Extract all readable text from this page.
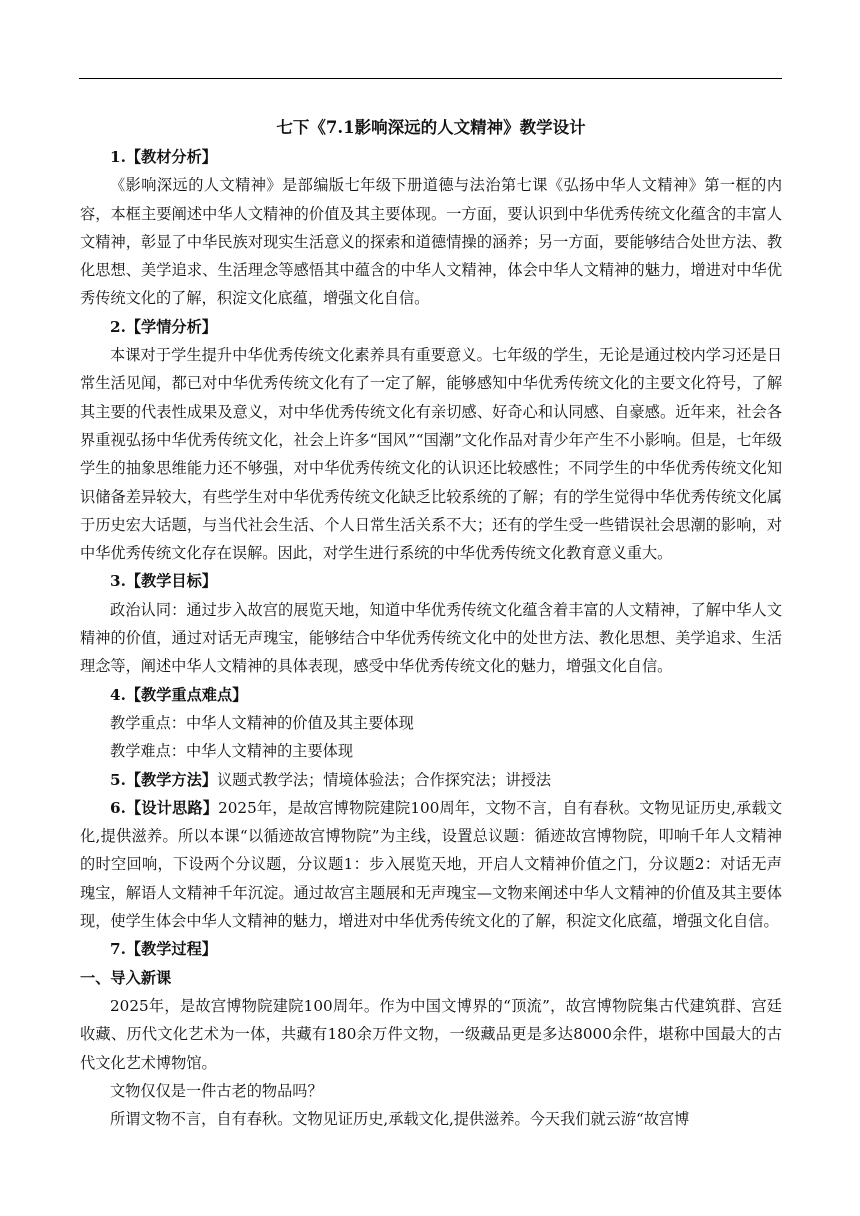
七下《7.1影响深远的人文精神》教学设计
1.【教材分析】

《影响深远的人文精神》是部编版七年级下册道德与法治第七课《弘扬中华人文精神》第一框的内容，本框主要阐述中华人文精神的价值及其主要体现。一方面，要认识到中华优秀传统文化蕴含的丰富人文精神，彰显了中华民族对现实生活意义的探索和道德情操的涵养；另一方面，要能够结合处世方法、教化思想、美学追求、生活理念等感悟其中蕴含的中华人文精神，体会中华人文精神的魅力，增进对中华优秀传统文化的了解，积淀文化底蕴，增强文化自信。

2.【学情分析】

本课对于学生提升中华优秀传统文化素养具有重要意义。七年级的学生，无论是通过校内学习还是日常生活见闻，都已对中华优秀传统文化有了一定了解，能够感知中华优秀传统文化的主要文化符号，了解其主要的代表性成果及意义，对中华优秀传统文化有亲切感、好奇心和认同感、自豪感。近年来，社会各界重视弘扬中华优秀传统文化，社会上许多“国风”“国潮”文化作品对青少年产生不小影响。但是，七年级学生的抽象思维能力还不够强，对中华优秀传统文化的认识还比较感性；不同学生的中华优秀传统文化知识储备差异较大，有些学生对中华优秀传统文化缺乏比较系统的了解；有的学生觉得中华优秀传统文化属于历史宏大话题，与当代社会生活、个人日常生活关系不大；还有的学生受一些错误社会思潮的影响，对中华优秀传统文化存在误解。因此，对学生进行系统的中华优秀传统文化教育意义重大。

3.【教学目标】

政治认同：通过步入故宫的展览天地，知道中华优秀传统文化蕴含着丰富的人文精神，了解中华人文精神的价值，通过对话无声瑰宝，能够结合中华优秀传统文化中的处世方法、教化思想、美学追求、生活理念等，阐述中华人文精神的具体表现，感受中华优秀传统文化的魅力，增强文化自信。

4.【教学重点难点】
教学重点：中华人文精神的价值及其主要体现
教学难点：中华人文精神的主要体现
5.【教学方法】议题式教学法；情境体验法；合作探究法；讲授法

6.【设计思路】2025年，是故宫博物院建院100周年，文物不言，自有春秋。文物见证历史,承载文化,提供滋养。所以本课“以循迹故宫博物院”为主线，设置总议题：循迹故宫博物院，叩响千年人文精神的时空回响，下设两个分议题，分议题1：步入展览天地，开启人文精神价值之门，分议题2：对话无声瑰宝，解语人文精神千年沉淀。通过故宫主题展和无声瑰宝—文物来阐述中华人文精神的价值及其主要体现，使学生体会中华人文精神的魅力，增进对中华优秀传统文化的了解，积淀文化底蕴，增强文化自信。

7.【教学过程】
一、导入新课

2025年，是故宫博物院建院100周年。作为中国文博界的“顶流”，故宫博物院集古代建筑群、宫廷收藏、历代文化艺术为一体，共藏有180余万件文物，一级藏品更是多达8000余件，堪称中国最大的古代文化艺术博物馆。

文物仅仅是一件古老的物品吗？

所谓文物不言，自有春秋。文物见证历史,承载文化,提供滋养。今天我们就云游“故宫博
